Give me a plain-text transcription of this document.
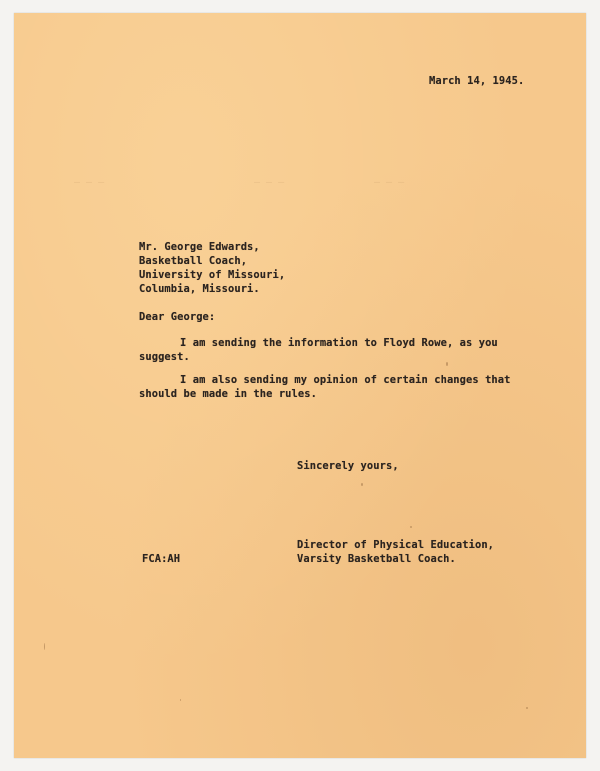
— — —	— — —	— — —
March 14, 1945.
Mr. George Edwards,
Basketball Coach,
University of Missouri,
Columbia, Missouri.
Dear George:
I am sending the information to Floyd Rowe, as you
suggest.
I am also sending my opinion of certain changes that
should be made in the rules.
Sincerely yours,
Director of Physical Education,
Varsity Basketball Coach.
FCA:AH
